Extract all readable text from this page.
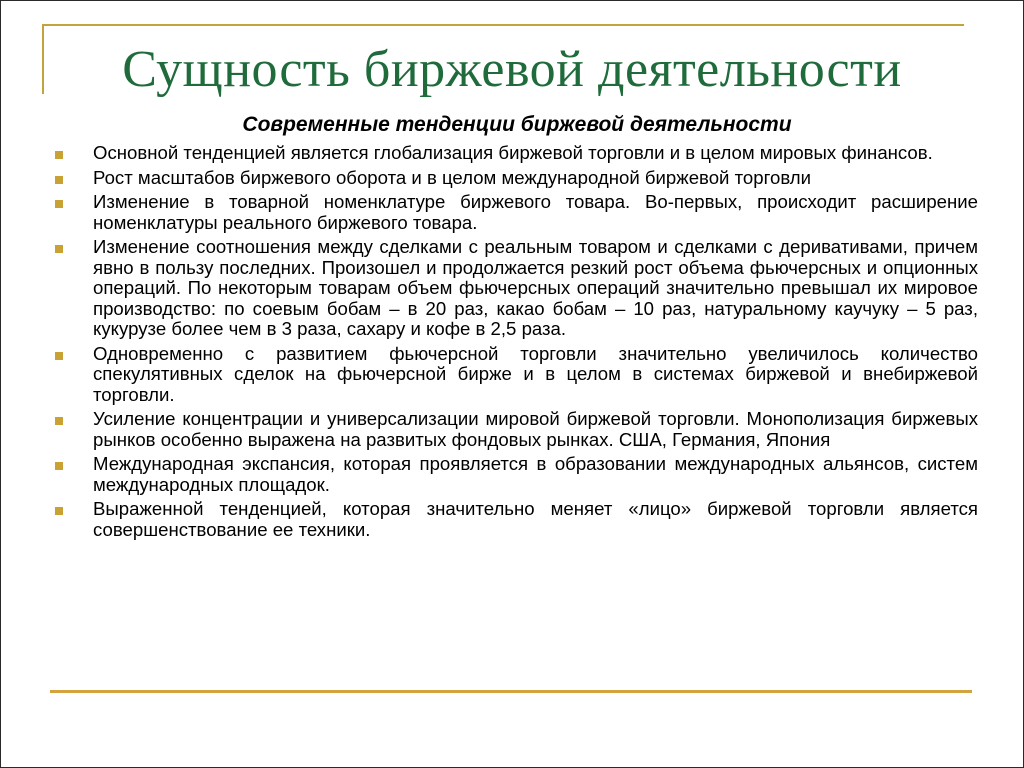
Сущность биржевой деятельности
Современные тенденции биржевой деятельности
Основной тенденцией является глобализация биржевой торговли и в целом мировых финансов.
Рост масштабов биржевого оборота и в целом международной биржевой торговли
Изменение в товарной номенклатуре биржевого товара. Во-первых, происходит расширение номенклатуры реального биржевого товара.
Изменение соотношения между сделками с реальным товаром и сделками с деривативами, причем явно в пользу последних. Произошел и продолжается резкий рост объема фьючерсных и опционных операций. По некоторым товарам объем фьючерсных операций значительно превышал их мировое производство: по соевым бобам – в 20 раз, какао бобам – 10 раз, натуральному каучуку – 5 раз, кукурузе более чем в 3 раза, сахару и кофе в 2,5 раза.
Одновременно с развитием фьючерсной торговли значительно увеличилось количество спекулятивных сделок на фьючерсной бирже и в целом в системах биржевой и внебиржевой торговли.
Усиление концентрации и универсализации мировой биржевой торговли. Монополизация биржевых рынков особенно выражена на развитых фондовых рынках. США, Германия, Япония
Международная экспансия, которая проявляется в образовании международных альянсов, систем международных площадок.
Выраженной тенденцией, которая значительно меняет «лицо» биржевой торговли является совершенствование ее техники.
